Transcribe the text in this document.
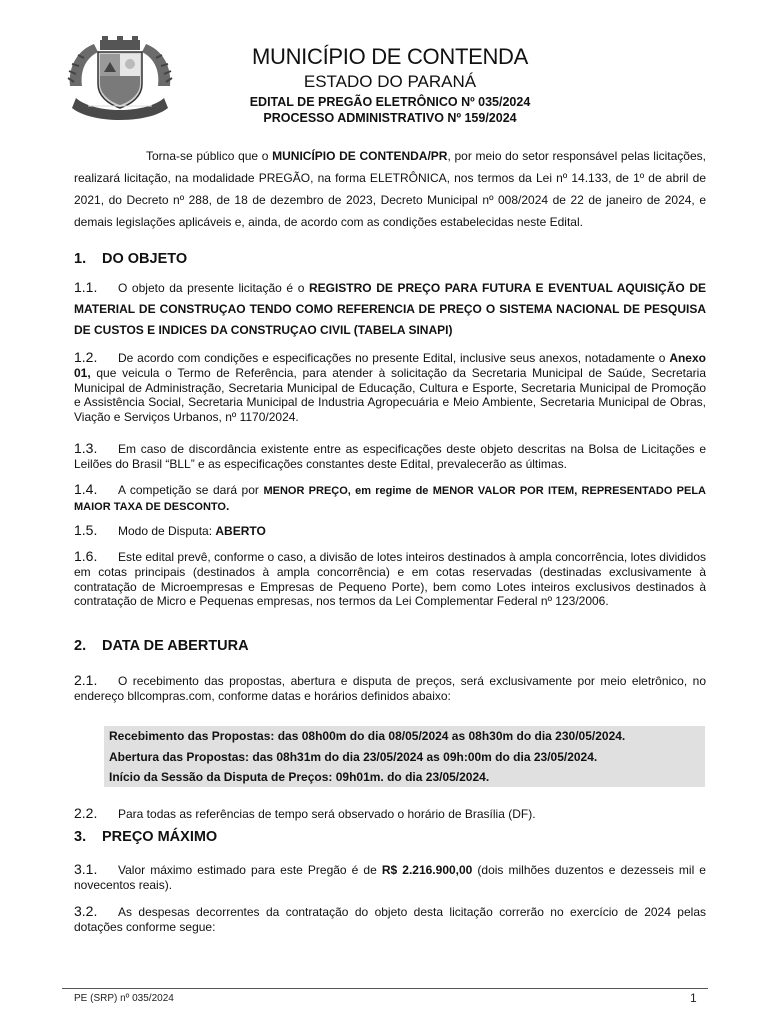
MUNICÍPIO DE CONTENDA
ESTADO DO PARANÁ
EDITAL DE PREGÃO ELETRÔNICO Nº 035/2024
PROCESSO ADMINISTRATIVO Nº 159/2024
Torna-se público que o MUNICÍPIO DE CONTENDA/PR, por meio do setor responsável pelas licitações, realizará licitação, na modalidade PREGÃO, na forma ELETRÔNICA, nos termos da Lei nº 14.133, de 1º de abril de 2021, do Decreto nº 288, de 18 de dezembro de 2023, Decreto Municipal nº 008/2024 de 22 de janeiro de 2024, e demais legislações aplicáveis e, ainda, de acordo com as condições estabelecidas neste Edital.
1. DO OBJETO
1.1. O objeto da presente licitação é o REGISTRO DE PREÇO PARA FUTURA E EVENTUAL AQUISIÇÃO DE MATERIAL DE CONSTRUÇAO TENDO COMO REFERENCIA DE PREÇO O SISTEMA NACIONAL DE PESQUISA DE CUSTOS E INDICES DA CONSTRUÇAO CIVIL (TABELA SINAPI)
1.2. De acordo com condições e especificações no presente Edital, inclusive seus anexos, notadamente o Anexo 01, que veicula o Termo de Referência, para atender à solicitação da Secretaria Municipal de Saúde, Secretaria Municipal de Administração, Secretaria Municipal de Educação, Cultura e Esporte, Secretaria Municipal de Promoção e Assistência Social, Secretaria Municipal de Industria Agropecuária e Meio Ambiente, Secretaria Municipal de Obras, Viação e Serviços Urbanos, nº 1170/2024.
1.3. Em caso de discordância existente entre as especificações deste objeto descritas na Bolsa de Licitações e Leilões do Brasil “BLL” e as especificações constantes deste Edital, prevalecerão as últimas.
1.4. A competição se dará por MENOR PREÇO, em regime de MENOR VALOR POR ITEM, REPRESENTADO PELA MAIOR TAXA DE DESCONTO.
1.5. Modo de Disputa: ABERTO
1.6. Este edital prevê, conforme o caso, a divisão de lotes inteiros destinados à ampla concorrência, lotes divididos em cotas principais (destinados à ampla concorrência) e em cotas reservadas (destinadas exclusivamente à contratação de Microempresas e Empresas de Pequeno Porte), bem como Lotes inteiros exclusivos destinados à contratação de Micro e Pequenas empresas, nos termos da Lei Complementar Federal nº 123/2006.
2. DATA DE ABERTURA
2.1. O recebimento das propostas, abertura e disputa de preços, será exclusivamente por meio eletrônico, no endereço bllcompras.com, conforme datas e horários definidos abaixo:
Recebimento das Propostas: das 08h00m do dia 08/05/2024 as 08h30m do dia 230/05/2024.
Abertura das Propostas: das 08h31m do dia 23/05/2024 as 09h:00m do dia 23/05/2024.
Início da Sessão da Disputa de Preços: 09h01m. do dia 23/05/2024.
2.2. Para todas as referências de tempo será observado o horário de Brasília (DF).
3. PREÇO MÁXIMO
3.1. Valor máximo estimado para este Pregão é de R$ 2.216.900,00 (dois milhões duzentos e dezesseis mil e novecentos reais).
3.2. As despesas decorrentes da contratação do objeto desta licitação correrão no exercício de 2024 pelas dotações conforme segue:
PE (SRP) nº 035/2024	1
